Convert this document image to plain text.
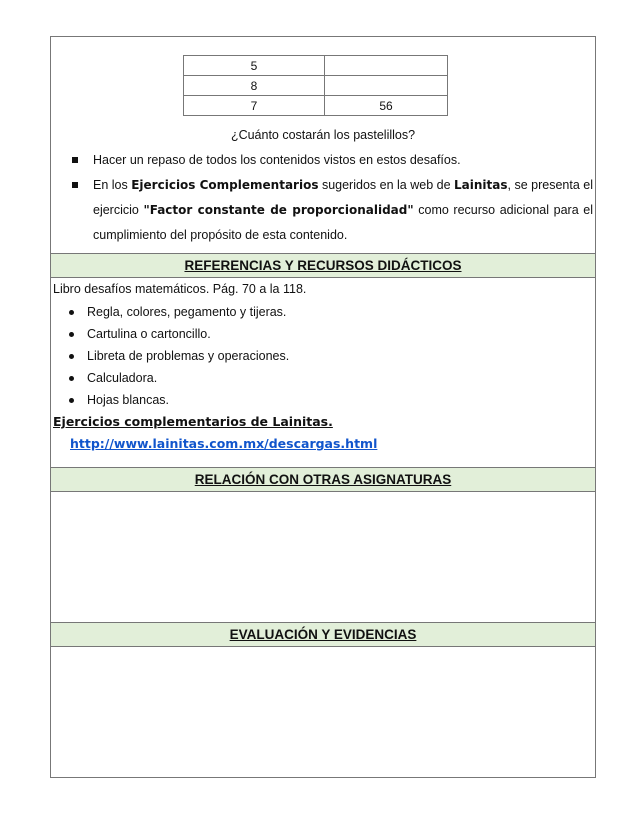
5	
8	
7	56
¿Cuánto costarán los pastelillos?
Hacer un repaso de todos los contenidos vistos en estos desafíos.
En los Ejercicios Complementarios sugeridos en la web de Lainitas, se presenta el
ejercicio "Factor constante de proporcionalidad" como recurso adicional para el
cumplimiento del propósito de esta contenido.
REFERENCIAS Y RECURSOS DIDÁCTICOS
Libro desafíos matemáticos. Pág. 70 a la 118.
Regla, colores, pegamento y tijeras.
Cartulina o cartoncillo.
Libreta de problemas y operaciones.
Calculadora.
Hojas blancas.
Ejercicios complementarios de Lainitas.
http://www.lainitas.com.mx/descargas.html
RELACIÓN CON OTRAS ASIGNATURAS
EVALUACIÓN Y EVIDENCIAS
